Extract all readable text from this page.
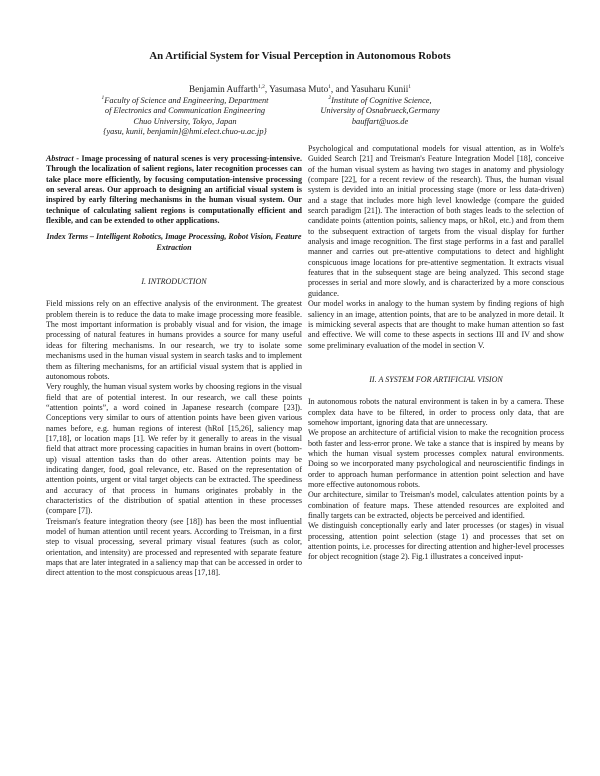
An Artificial System for Visual Perception in Autonomous Robots
Benjamin Auffarth$^{1,2}$, Yasumasa Muto$^1$, and Yasuharu Kunii$^1$
$^1$Faculty of Science and Engineering, Department
of Electronics and Communication Engineering
Chuo University, Tokyo, Japan
{yasu, kunii, benjamin}@hmi.elect.chuo-u.ac.jp}
$^2$Institute of Cognitive Science,
University of Osnabrueck,Germany
bauffart@uos.de

Abstract - Image processing of natural scenes is very processing-intensive. Through the localization of salient regions, later recognition processes can take place more efficiently, by focusing computation-intensive processing on several areas. Our approach to designing an artificial visual system is inspired by early filtering mechanisms in the human visual system. Our technique of calculating salient regions is computationally efficient and flexible, and can be extended to other applications.

Index Terms – Intelligent Robotics, Image Processing, Robot Vision, Feature Extraction

I. INTRODUCTION

Field missions rely on an effective analysis of the environment. The greatest problem therein is to reduce the data to make image processing more feasible. The most important information is probably visual and for vision, the image processing of natural features in humans provides a source for many useful ideas for filtering mechanisms. In our research, we try to isolate some mechanisms used in the human visual system in search tasks and to implement them as filtering mechanisms, for an artificial visual system that is applied in autonomous robots.

Very roughly, the human visual system works by choosing regions in the visual field that are of potential interest. In our research, we call these points “attention points”, a word coined in Japanese research (compare [23]). Conceptions very similar to ours of attention points have been given various names before, e.g. human regions of interest (hRoI [15,26], saliency map [17,18], or location maps [1]. We refer by it generally to areas in the visual field that attract more processing capacities in human brains in overt (bottom-up) visual attention tasks than do other areas. Attention points may be indicating danger, food, goal relevance, etc. Based on the representation of attention points, urgent or vital target objects can be extracted. The speediness and accuracy of that process in humans originates probably in the characteristics of the distribution of spatial attention in these processes (compare [7]).

Treisman's feature integration theory (see [18]) has been the most influential model of human attention until recent years. According to Treisman, in a first step to visual processing, several primary visual features (such as color, orientation, and intensity) are processed and represented with separate feature maps that are later integrated in a saliency map that can be accessed in order to direct attention to the most conspicuous areas [17,18].

Psychological and computational models for visual attention, as in Wolfe's Guided Search [21] and Treisman's Feature Integration Model [18], conceive of the human visual system as having two stages in anatomy and physiology (compare [22], for a recent review of the research). Thus, the human visual system is devided into an initial processing stage (more or less data-driven) and a stage that includes more high level knowledge (compare the guided search paradigm [21]). The interaction of both stages leads to the selection of candidate points (attention points, saliency maps, or hRoI, etc.) and from them to the subsequent extraction of targets from the visual display for further analysis and image recognition. The first stage performs in a fast and parallel manner and carries out pre-attentive computations to detect and highlight conspicuous image locations for pre-attentive segmentation. It extracts visual features that in the subsequent stage are being analyzed. This second stage processes in serial and more slowly, and is characterized by a more conscious guidance.

Our model works in analogy to the human system by finding regions of high saliency in an image, attention points, that are to be analyzed in more detail. It is mimicking several aspects that are thought to make human attention so fast and effective. We will come to these aspects in sections III and IV and show some preliminary evaluation of the model in section V.

II. A SYSTEM FOR ARTIFICIAL VISION

In autonomous robots the natural environment is taken in by a camera. These complex data have to be filtered, in order to process only data, that are somehow important, ignoring data that are unnecessary.

We propose an architecture of artificial vision to make the recognition process both faster and less-error prone. We take a stance that is inspired by means by which the human visual system processes complex natural environments. Doing so we incorporated many psychological and neuroscientific findings in order to approach human performance in attention point selection and have more effective autonomous robots.

Our architecture, similar to Treisman's model, calculates attention points by a combination of feature maps. These attended resources are exploited and finally targets can be extracted, objects be perceived and identified.

We distinguish conceptionally early and later processes (or stages) in visual processing, attention point selection (stage 1) and processes that set on attention points, i.e. processes for directing attention and higher-level processes for object recognition (stage 2). Fig.1 illustrates a conceived input-
